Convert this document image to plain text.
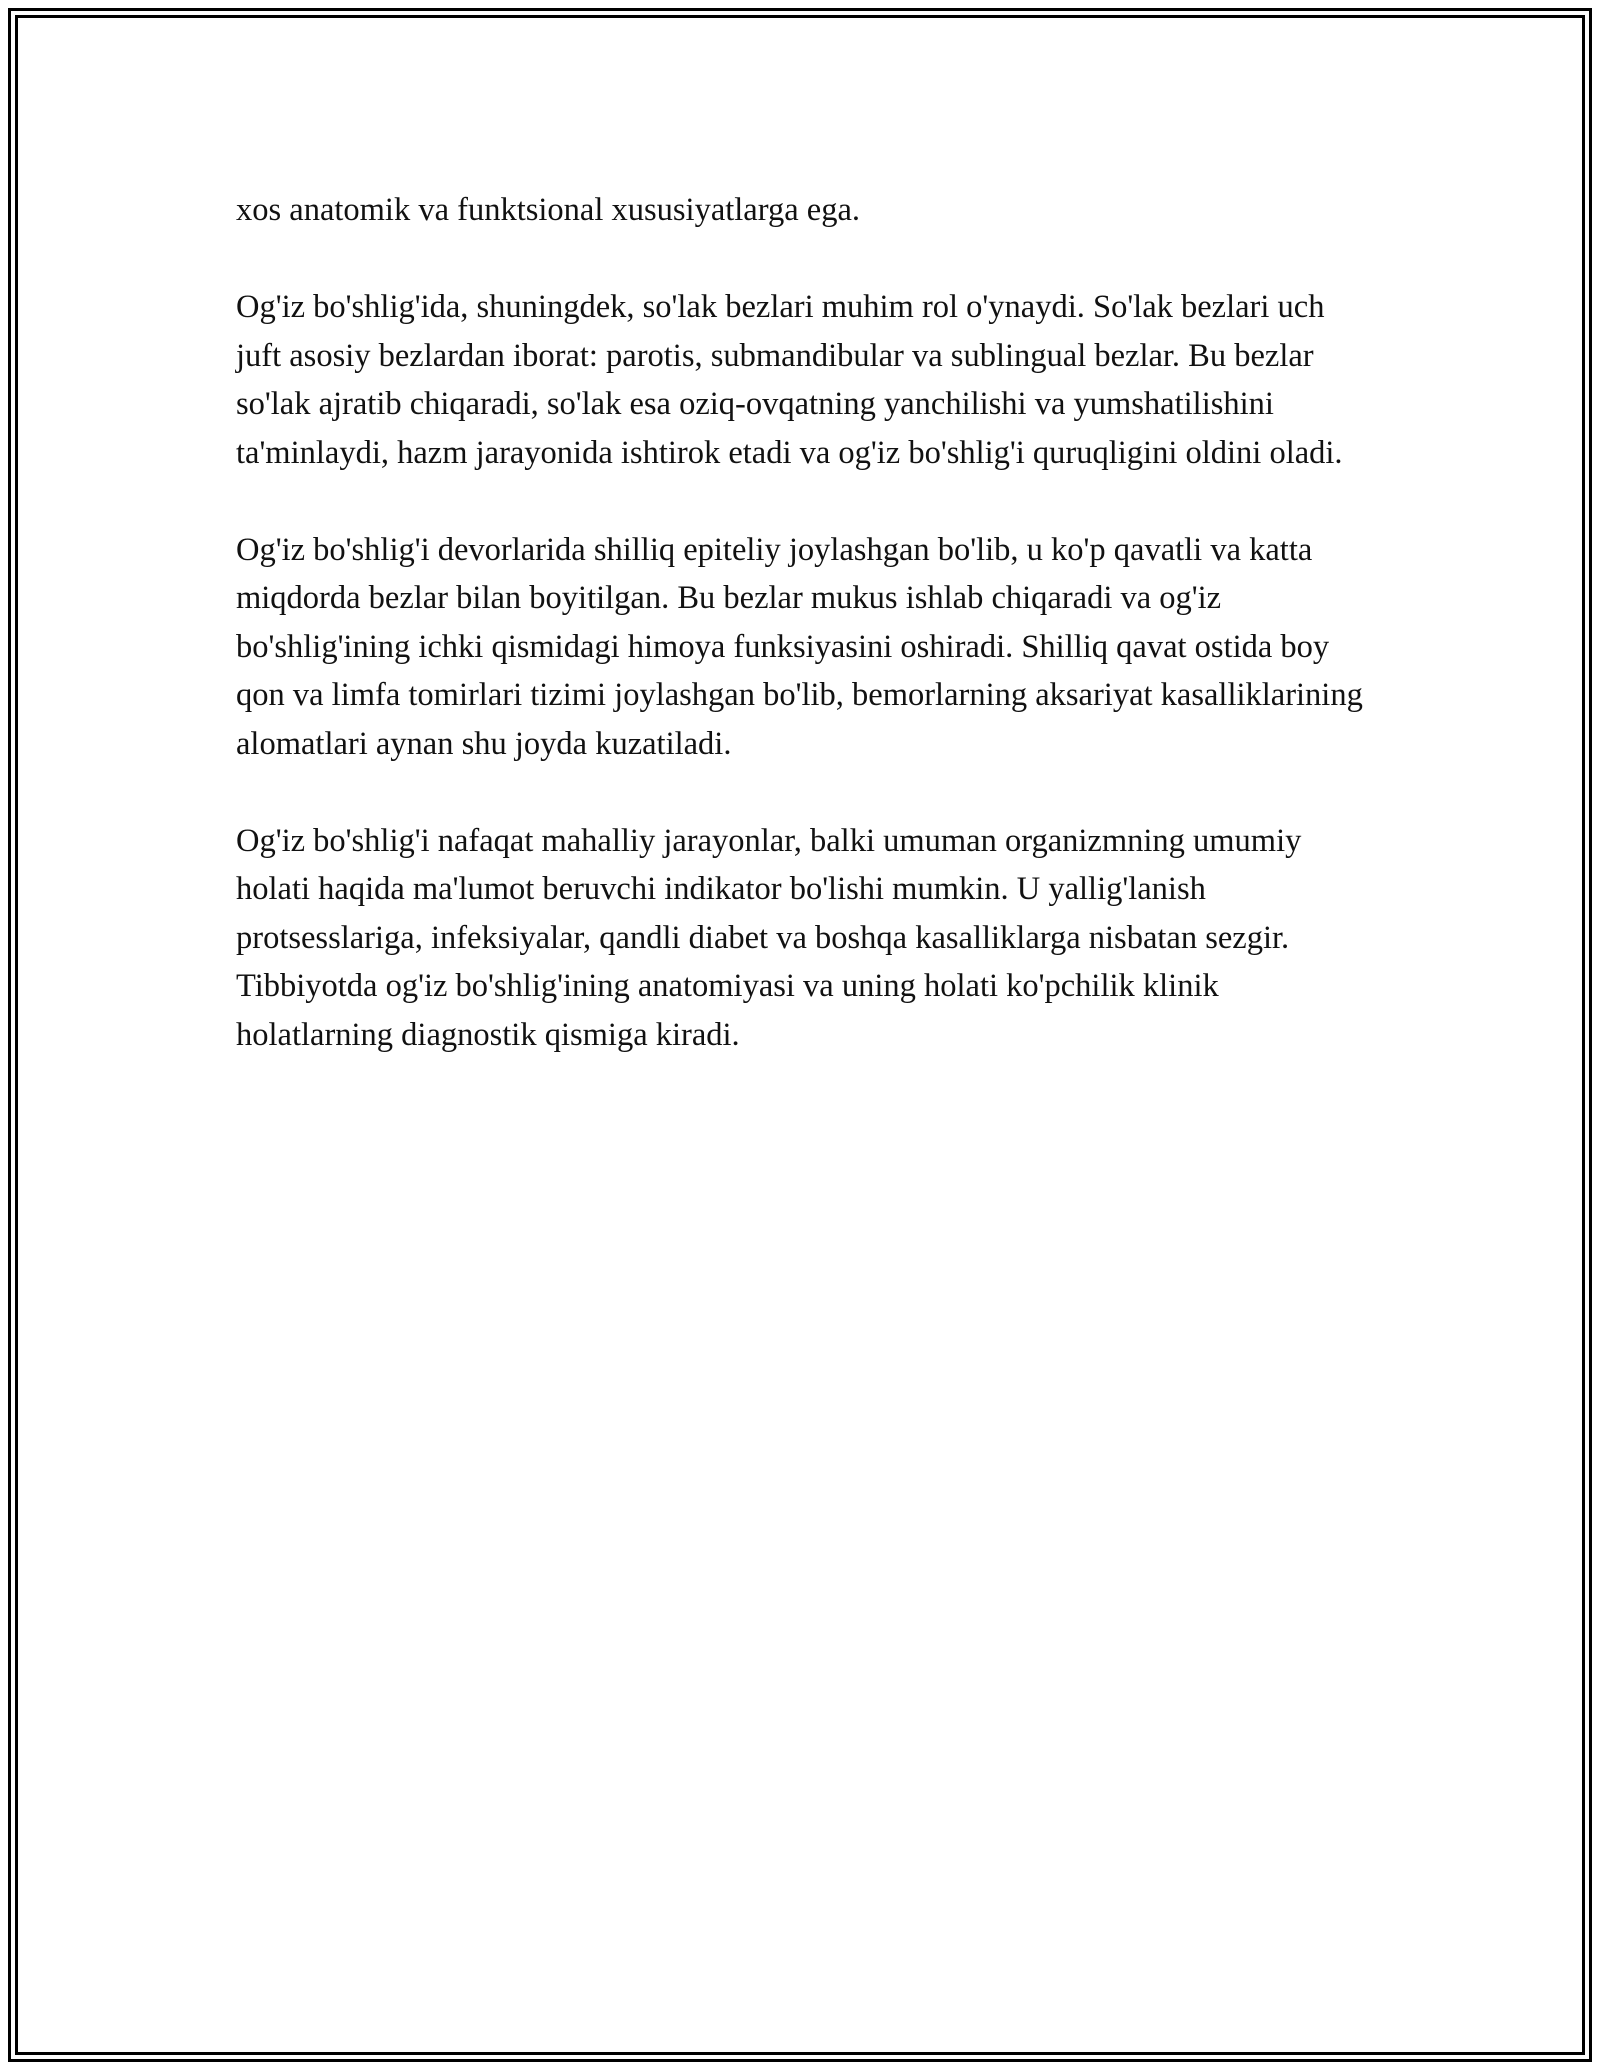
xos anatomik va funktsional xususiyatlarga ega.

Og'iz bo'shlig'ida, shuningdek, so'lak bezlari muhim rol o'ynaydi. So'lak bezlari uch juft asosiy bezlardan iborat: parotis, submandibular va sublingual bezlar. Bu bezlar so'lak ajratib chiqaradi, so'lak esa oziq-ovqatning yanchilishi va yumshatilishini ta'minlaydi, hazm jarayonida ishtirok etadi va og'iz bo'shlig'i quruqligini oldini oladi.

Og'iz bo'shlig'i devorlarida shilliq epiteliy joylashgan bo'lib, u ko'p qavatli va katta miqdorda bezlar bilan boyitilgan. Bu bezlar mukus ishlab chiqaradi va og'iz bo'shlig'ining ichki qismidagi himoya funksiyasini oshiradi. Shilliq qavat ostida boy qon va limfa tomirlari tizimi joylashgan bo'lib, bemorlarning aksariyat kasalliklarining alomatlari aynan shu joyda kuzatiladi.

Og'iz bo'shlig'i nafaqat mahalliy jarayonlar, balki umuman organizmning umumiy holati haqida ma'lumot beruvchi indikator bo'lishi mumkin. U yallig'lanish protsesslariga, infeksiyalar, qandli diabet va boshqa kasalliklarga nisbatan sezgir. Tibbiyotda og'iz bo'shlig'ining anatomiyasi va uning holati ko'pchilik klinik holatlarning diagnostik qismiga kiradi.
